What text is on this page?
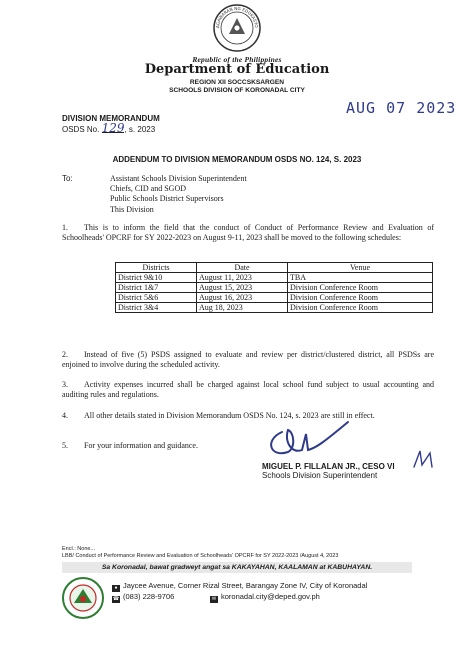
AGAWARAN NG EDUKASYO
Republic of the Philippines
Department of Education
REGION XII SOCCSKSARGEN
SCHOOLS DIVISION OF KORONADAL CITY
AUG 07 2023
DIVISION MEMORANDUM
OSDS No. 129, s. 2023
ADDENDUM TO DIVISION MEMORANDUM OSDS NO. 124, S. 2023
To:	Assistant Schools Division Superintendent
Chiefs, CID and SGOD
Public Schools District Supervisors
This Division
1. This is to inform the field that the conduct of Conduct of Performance Review and Evaluation of Schoolheads' OPCRF for SY 2022-2023 on August 9-11, 2023 shall be moved to the following schedules:
Districts	Date	Venue
District 9&10	August 11, 2023	TBA
District 1&7	August 15, 2023	Division Conference Room
District 5&6	August 16, 2023	Division Conference Room
District 3&4	Aug 18, 2023	Division Conference Room
2. Instead of five (5) PSDS assigned to evaluate and review per district/clustered district, all PSDSs are enjoined to involve during the scheduled activity.
3. Activity expenses incurred shall be charged against local school fund subject to usual accounting and auditing rules and regulations.
4. All other details stated in Division Memorandum OSDS No. 124, s. 2023 are still in effect.
5. For your information and guidance.
MIGUEL P. FILLALAN JR., CESO VI
Schools Division Superintendent
Encl.: None...
LBB/ Conduct of Performance Review and Evaluation of Schoolheads' OPCRF for SY 2022-2023 /August 4, 2023
Sa Koronadal, bawat gradweyt angat sa KAKAYAHAN, KAALAMAN at KABUHAYAN.
● Jaycee Avenue, Corner Rizal Street, Barangay Zone IV, City of Koronadal
☎ (083) 228-9706	✉ koronadal.city@deped.gov.ph
